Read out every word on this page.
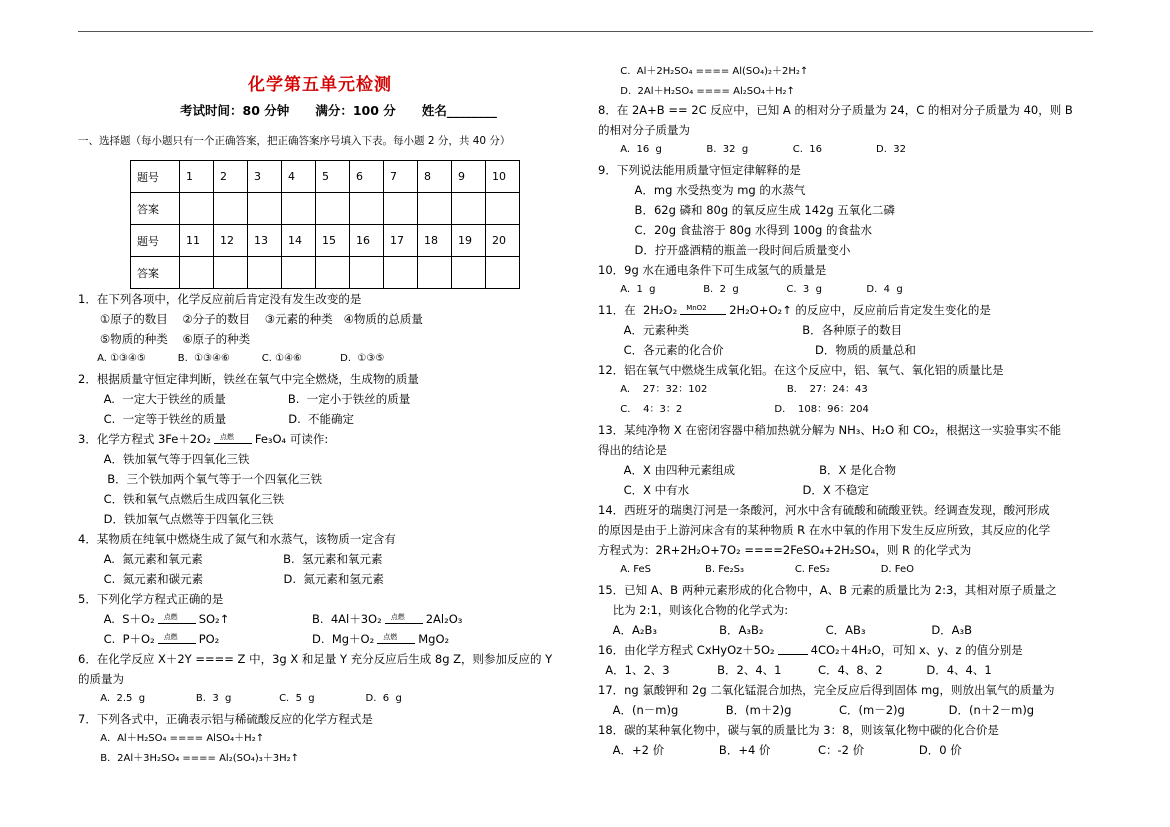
化学第五单元检测
考试时间：80 分钟      满分：100 分      姓名________
一、选择题（每小题只有一个正确答案，把正确答案序号填入下表。每小题 2 分，共 40 分）
题号	1	2	3	4	5	6	7	8	9	10
答案										
题号	11	12	13	14	15	16	17	18	19	20
答案										
1．在下列各项中，化学反应前后肯定没有发生改变的是
①原子的数目    ②分子的数目    ③元素的种类   ④物质的总质量
⑤物质的种类    ⑥原子的种类
A. ①③④⑤          B.  ①③④⑥          C. ①④⑥            D.  ①③⑤
2．根据质量守恒定律判断，铁丝在氧气中完全燃烧，生成物的质量
A.  一定大于铁丝的质量                 B.  一定小于铁丝的质量
C.  一定等于铁丝的质量                 D.  不能确定
3．化学方程式 3Fe＋2O₂ 点燃 Fe₃O₄ 可读作:
A．铁加氧气等于四氧化三铁
B．三个铁加两个氧气等于一个四氧化三铁
C．铁和氧气点燃后生成四氧化三铁
D．铁加氧气点燃等于四氧化三铁
4．某物质在纯氧中燃烧生成了氮气和水蒸气，该物质一定含有
A.  氮元素和氧元素                      B.  氢元素和氧元素
C.  氮元素和碳元素                      D.  氮元素和氢元素
5．下列化学方程式正确的是
A.  S＋O₂ 点燃 SO₂↑	B.  4Al＋3O₂ 点燃 2Al₂O₃
C.  P＋O₂ 点燃 PO₂	D.  Mg＋O₂ 点燃 MgO₂
6．在化学反应 X＋2Y ==== Z 中，3g X 和足量 Y 充分反应后生成 8g Z，则参加反应的 Y
的质量为
A.  2.5  g                B.  3  g               C.  5  g                D.  6  g
7．下列各式中，正确表示铝与稀硫酸反应的化学方程式是
A．Al＋H₂SO₄ ==== AlSO₄＋H₂↑
B．2Al＋3H₂SO₄ ==== Al₂(SO₄)₃＋3H₂↑
C.  Al＋2H₂SO₄ ==== Al(SO₄)₂＋2H₂↑
D.  2Al＋H₂SO₄ ==== Al₂SO₄＋H₂↑
8．在 2A+B == 2C 反应中，已知 A 的相对分子质量为 24，C 的相对分子质量为 40，则 B
的相对分子质量为
A.  16  g              B.  32  g              C.  16                 D.  32
9．下列说法能用质量守恒定律解释的是
A．mg 水受热变为 mg 的水蒸气
B．62g 磷和 80g 的氧反应生成 142g 五氧化二磷
C．20g 食盐溶于 80g 水得到 100g 的食盐水
D．拧开盛酒精的瓶盖一段时间后质量变小
10．9g 水在通电条件下可生成氢气的质量是
A.  1  g               B.  2  g               C.  3  g              D.  4  g
11．在  2H₂O₂ MnO2 2H₂O+O₂↑ 的反应中，反应前后肯定发生变化的是
A．元素种类                               B．各种原子的数目
C．各元素的化合价                         D．物质的质量总和
12．铝在氧气中燃烧生成氧化铝。在这个反应中，铝、氧气、氧化铝的质量比是
A.    27：32：102                         B.    27：24：43
C.    4：3：2                             D.    108：96：204
13．某纯净物 X 在密闭容器中稍加热就分解为 NH₃、H₂O 和 CO₂，根据这一实验事实不能
得出的结论是
A．X 由四种元素组成                       B．X 是化合物
C．X 中有水                               D．X 不稳定
14．西班牙的瑞奥汀河是一条酸河，河水中含有硫酸和硫酸亚铁。经调查发现，酸河形成
的原因是由于上游河床含有的某种物质 R 在水中氧的作用下发生反应所致，其反应的化学
方程式为：2R+2H₂O+7O₂ ====2FeSO₄+2H₂SO₄，则 R 的化学式为
A. FeS                 B. Fe₂S₃                C. FeS₂                D. FeO
15．已知 A、B 两种元素形成的化合物中，A、B 元素的质量比为 2:3，其相对原子质量之
比为 2:1，则该化合物的化学式为:
A．A₂B₃                 B．A₃B₂                 C．AB₃                  D．A₃B
16．由化学方程式 CxHyOz＋5O₂	4CO₂＋4H₂O，可知 x、y、z 的值分别是
A．1、2、3             B．2、4、1          C．4、8、2            D．4、4、1
17．ng 氯酸钾和 2g 二氧化锰混合加热，完全反应后得到固体 mg，则放出氧气的质量为
A．(n－m)g             B．(m＋2)g             C．(m－2)g            D．(n＋2－m)g
18．碳的某种氧化物中，碳与氧的质量比为 3：8，则该氧化物中碳的化合价是
A．+2 价               B．+4 价             C：-2 价               D．0 价
